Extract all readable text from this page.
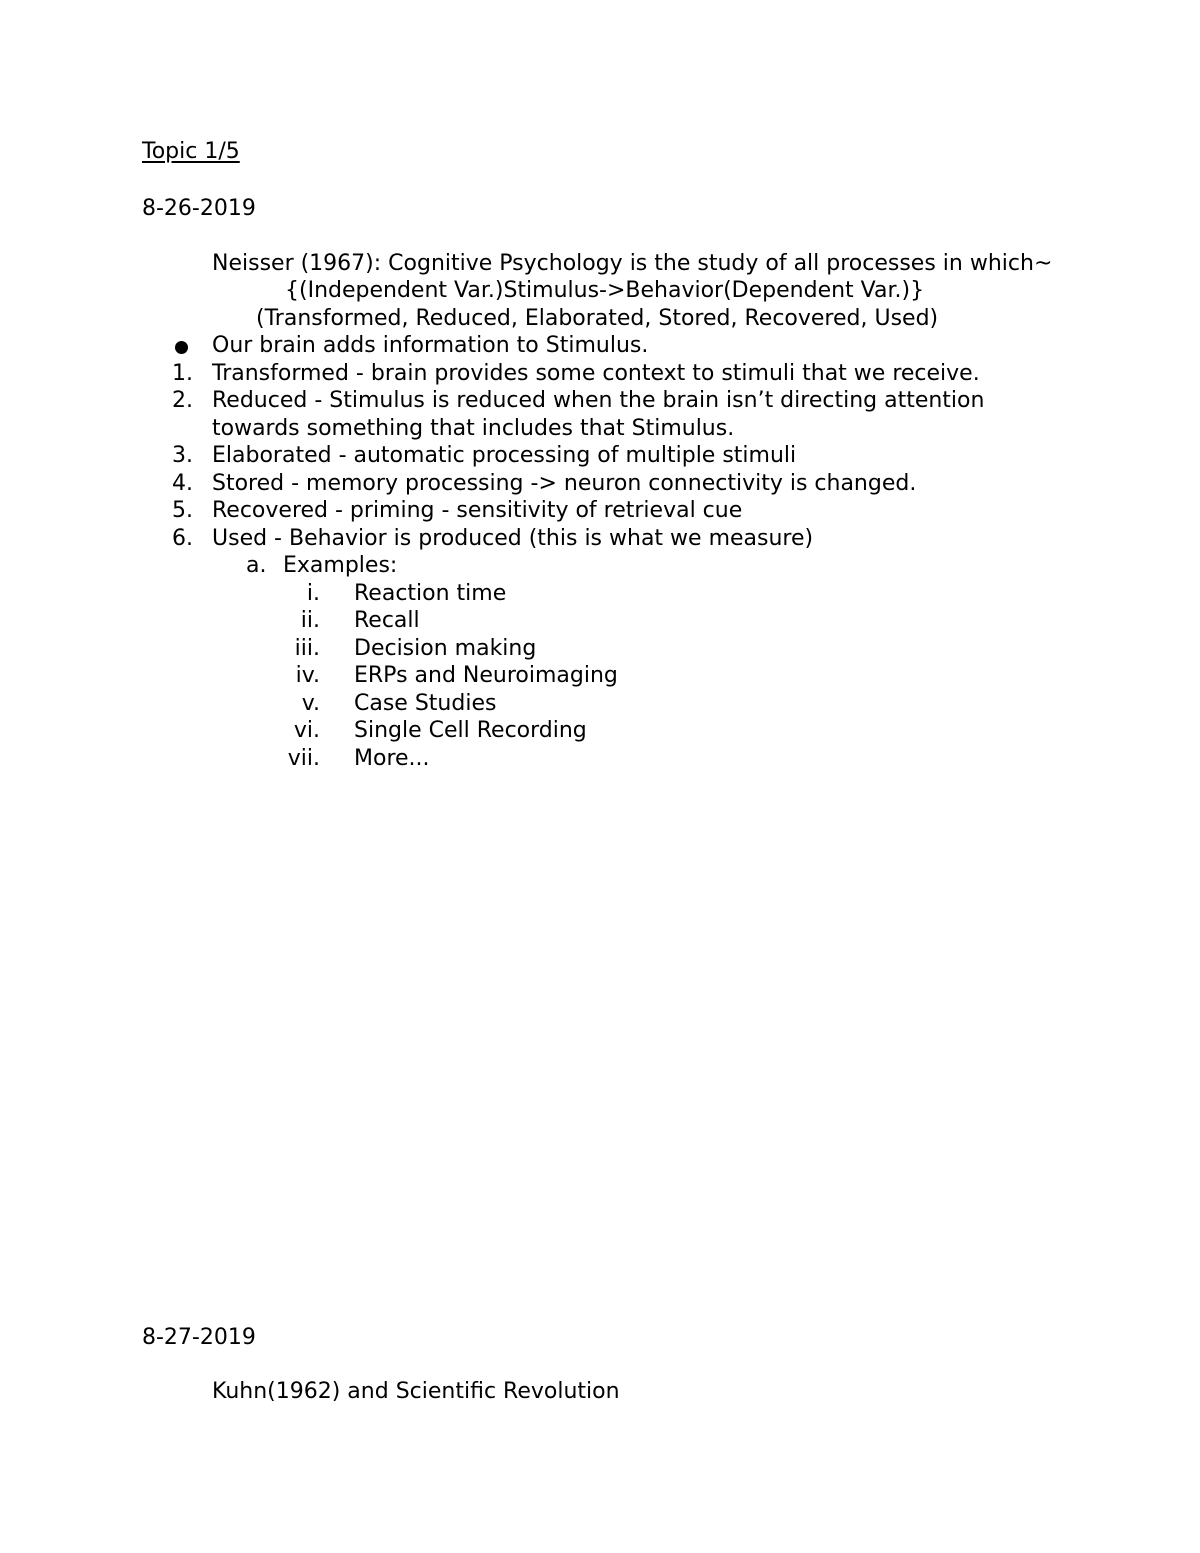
Topic 1/5
8-26-2019
Neisser (1967): Cognitive Psychology is the study of all processes in which~
{(Independent Var.)Stimulus->Behavior(Dependent Var.)}
(Transformed, Reduced, Elaborated, Stored, Recovered, Used)
Our brain adds information to Stimulus.
1. Transformed - brain provides some context to stimuli that we receive.
2. Reduced - Stimulus is reduced when the brain isn’t directing attention
towards something that includes that Stimulus.
3. Elaborated - automatic processing of multiple stimuli
4. Stored - memory processing -> neuron connectivity is changed.
5. Recovered - priming - sensitivity of retrieval cue
6. Used - Behavior is produced (this is what we measure)
a. Examples:
i. Reaction time
ii. Recall
iii. Decision making
iv. ERPs and Neuroimaging
v. Case Studies
vi. Single Cell Recording
vii. More...
8-27-2019
Kuhn(1962) and Scientific Revolution
